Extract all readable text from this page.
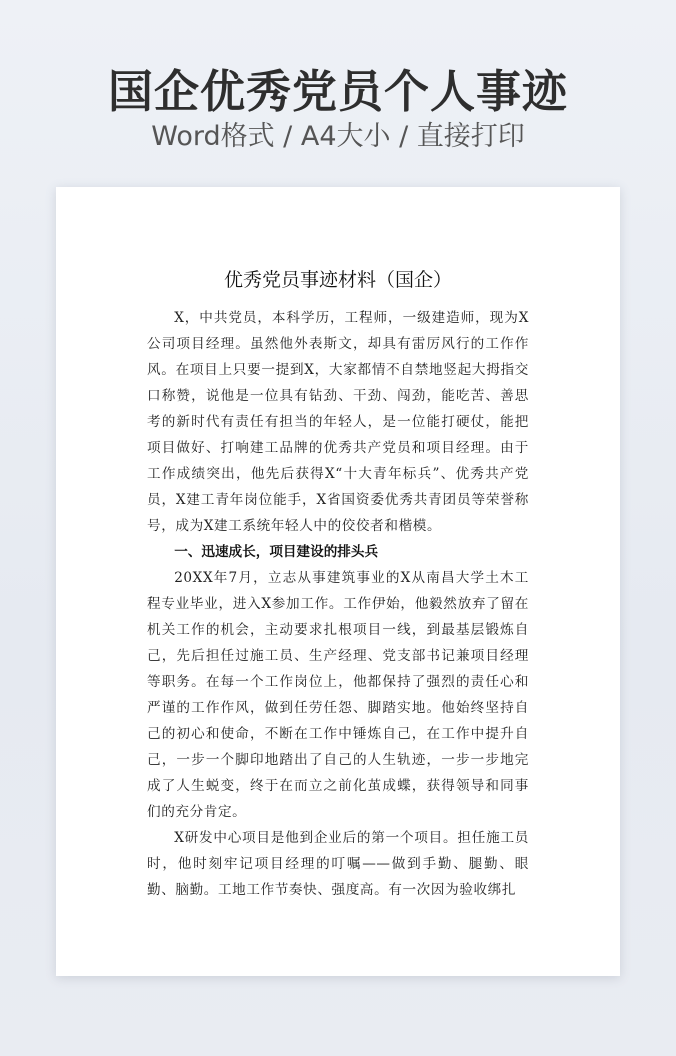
国企优秀党员个人事迹
Word格式 / A4大小 / 直接打印
优秀党员事迹材料（国企）

X，中共党员，本科学历，工程师，一级建造师，现为X公司项目经理。虽然他外表斯文，却具有雷厉风行的工作作风。在项目上只要一提到X，大家都情不自禁地竖起大拇指交口称赞，说他是一位具有钻劲、干劲、闯劲，能吃苦、善思考的新时代有责任有担当的年轻人，是一位能打硬仗，能把项目做好、打响建工品牌的优秀共产党员和项目经理。由于工作成绩突出，他先后获得X“十大青年标兵”、优秀共产党员，X建工青年岗位能手，X省国资委优秀共青团员等荣誉称号，成为X建工系统年轻人中的佼佼者和楷模。

一、迅速成长，项目建设的排头兵

20XX年7月，立志从事建筑事业的X从南昌大学土木工程专业毕业，进入X参加工作。工作伊始，他毅然放弃了留在机关工作的机会，主动要求扎根项目一线，到最基层锻炼自己，先后担任过施工员、生产经理、党支部书记兼项目经理等职务。在每一个工作岗位上，他都保持了强烈的责任心和严谨的工作作风，做到任劳任怨、脚踏实地。他始终坚持自己的初心和使命，不断在工作中锤炼自己，在工作中提升自己，一步一个脚印地踏出了自己的人生轨迹，一步一步地完成了人生蜕变，终于在而立之前化茧成蝶，获得领导和同事们的充分肯定。

X研发中心项目是他到企业后的第一个项目。担任施工员时，他时刻牢记项目经理的叮嘱——做到手勤、腿勤、眼勤、脑勤。工地工作节奏快、强度高。有一次因为验收绑扎
